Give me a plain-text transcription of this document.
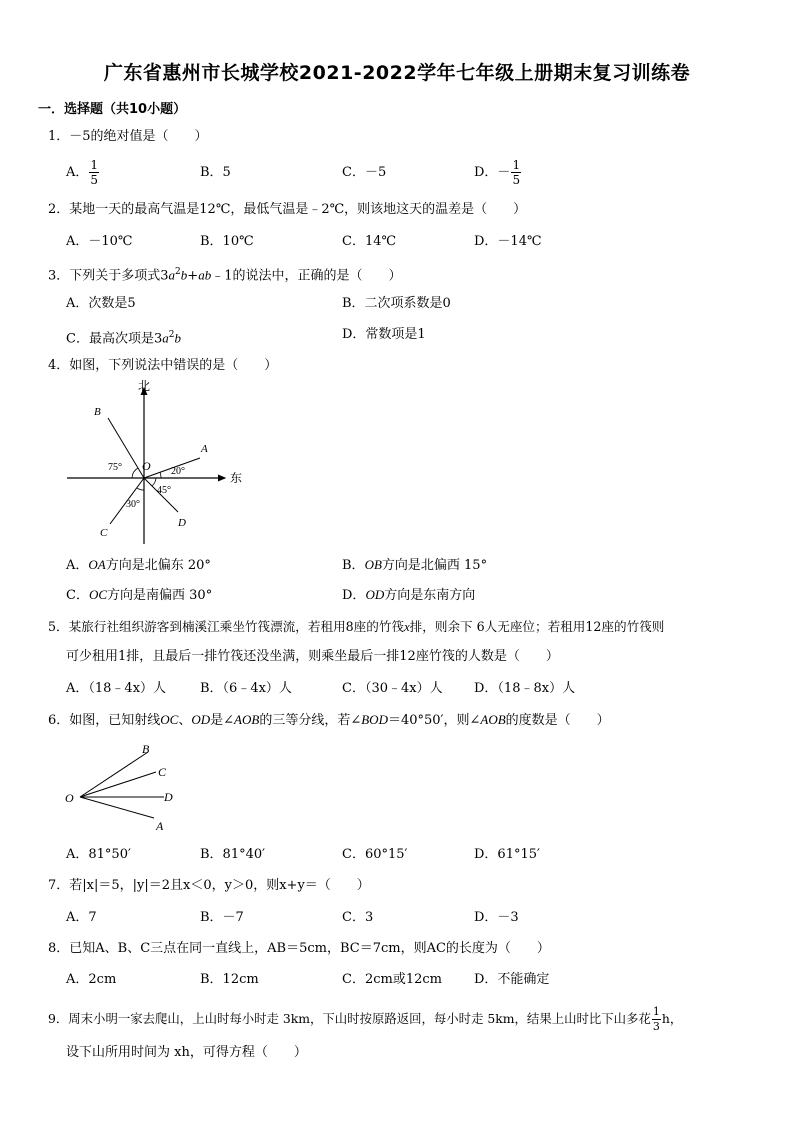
广东省惠州市长城学校2021-2022学年七年级上册期末复习训练卷
一．选择题（共10小题）
1．－5的绝对值是（　　）
A． $\frac{1}{5}$	B．5	C．－5	D．－ $\frac{1}{5}$
2．某地一天的最高气温是12℃，最低气温是﹣2℃，则该地这天的温差是（　　）
A．－10℃	B．10℃	C．14℃	D．－14℃
3．下列关于多项式$3a^2b+ab﹣1$的说法中，正确的是（　　）
A．次数是5	B．二次项系数是0
C．最高次项是$3a^2b$	D．常数项是1
4．如图，下列说法中错误的是（　　）
北
东
O
A
B
C
D
75°	20°
45°
30°
A．OA方向是北偏东 20°	B．OB方向是北偏西 15°
C．OC方向是南偏西 30°	D．OD方向是东南方向
5．某旅行社组织游客到楠溪江乘坐竹筏漂流，若租用8座的竹筏x排，则余下 6人无座位；若租用12座的竹筏则
可少租用1排，且最后一排竹筏还没坐满，则乘坐最后一排12座竹筏的人数是（　　）
A．（18﹣4x）人	B．（6﹣4x）人	C．（30﹣4x）人 D．（18﹣8x）人
6．如图，已知射线OC、OD是∠AOB的三等分线，若∠BOD＝40°50′，则∠AOB的度数是（　　）
O
B
C
D
A
A．81°50′	B．81°40′	C．60°15′	D．61°15′
7．若|x|＝5，|y|＝2且x＜0，y＞0，则x+y＝（　　）
A．7	B．－7	C．3	D．－3
8．已知A、B、C三点在同一直线上，AB＝5cm，BC＝7cm，则AC的长度为（　　）
A．2cm	B．12cm	C．2cm或12cm D．不能确定
9．周末小明一家去爬山，上山时每小时走 3km，下山时按原路返回，每小时走 5km，结果上山时比下山多花 $\frac{1}{3}$ h，
设下山所用时间为 xh，可得方程（　　）
